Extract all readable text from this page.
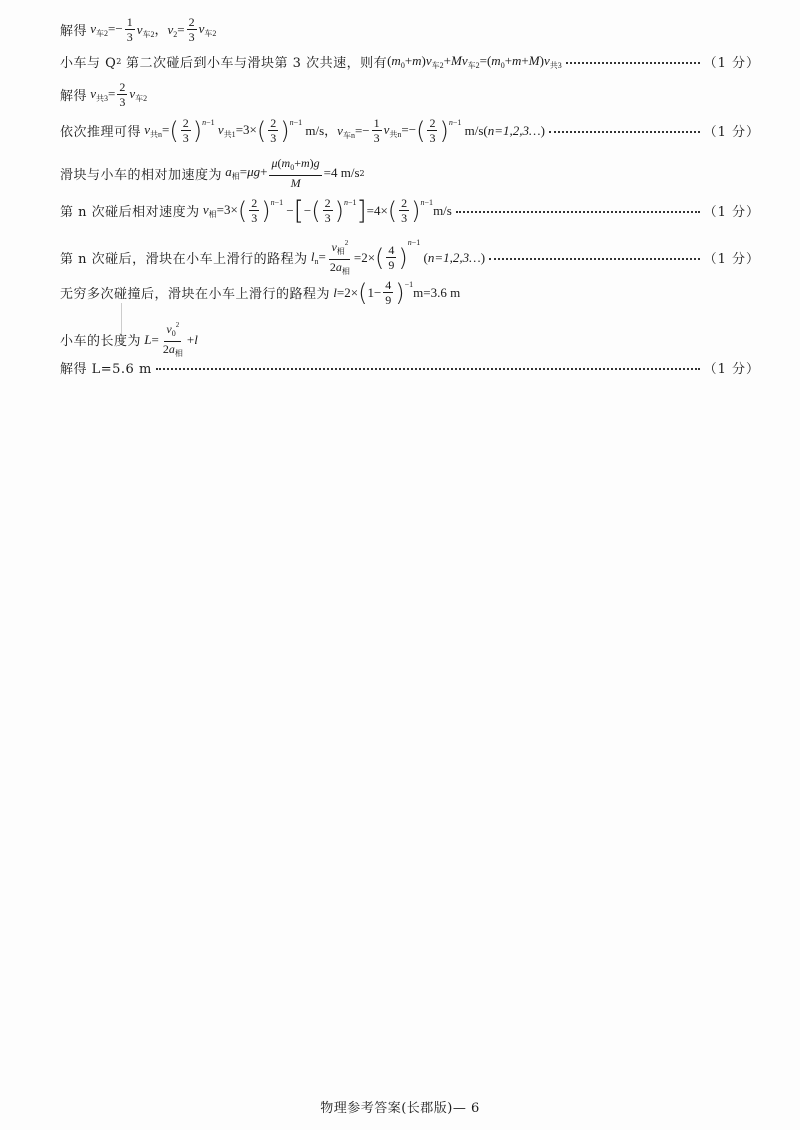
解得 $v_{车2}=- \frac{1}{3} v_{车2}$，$v_2= \frac{2}{3} v_{车2}$
小车与 Q 2
第二次碰后到小车与滑块第 3 次共速，则有 $(m_0+m)v_{车2}+Mv_{车2}=(m_0+m+M)v_{共3}$	（1 分）
解得 $v_{共3}= \frac{2}{3} v_{车2}$
依次推理可得 $v_{共n}=$ ( $\frac{2}{3}$ ) n−1 $v_{共1}=3\times$ ( $\frac{2}{3}$ ) n−1
m/s，$v_{车n}=- \frac{1}{3} v_{共n}=-$ ( $\frac{2}{3}$ ) n−1 m/s( n=1,2,3… )	（1 分）
滑块与小车的相对加速度为 $a_相=\mu g+ \frac{\mu(m_0+m)g}{M} =4$ m/s 2
第 n 次碰后相对速度为 $v_相=3\times$ ( $\frac{2}{3}$ ) n−1 − [ − ( $\frac{2}{3}$ ) n−1 ] =4× ( $\frac{2}{3}$ ) n−1 m/s	（1 分）
第 n 次碰后，滑块在小车上滑行的路程为 $l_n= \frac{v_相^2}{2a_相} =2\times$ ( $\frac{4}{9}$ )
n−1
( n=1,2,3… )	（1 分）
无穷多次碰撞后，滑块在小车上滑行的路程为 l=2× ( $1- \frac{4}{9}$ ) −1 m=3.6 m
小车的长度为 $L= \frac{v_0^2}{2a_相} +l$
解得 L=5.6 m	（1 分）
物理参考答案(长郡版)— 6
